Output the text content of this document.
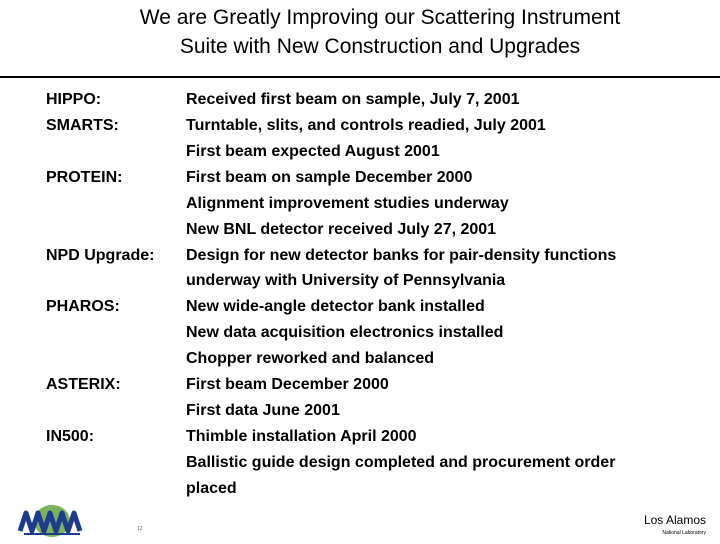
We are Greatly Improving our Scattering Instrument
Suite with New Construction and Upgrades
HIPPO:
SMARTS:
PROTEIN:
NPD Upgrade:
PHAROS:
ASTERIX:
IN500:
Received first beam on sample, July 7, 2001
Turntable, slits, and controls readied, July 2001
First beam expected August 2001
First beam on sample December 2000
Alignment improvement studies underway
New BNL detector received July 27, 2001
Design for new detector banks for pair-density functions
underway with University of Pennsylvania
New wide-angle detector bank installed
New data acquisition electronics installed
Chopper reworked and balanced
First beam December 2000
First data June 2001
Thimble installation April 2000
Ballistic guide design completed and procurement order
placed
12
Los Alamos
National Laboratory
